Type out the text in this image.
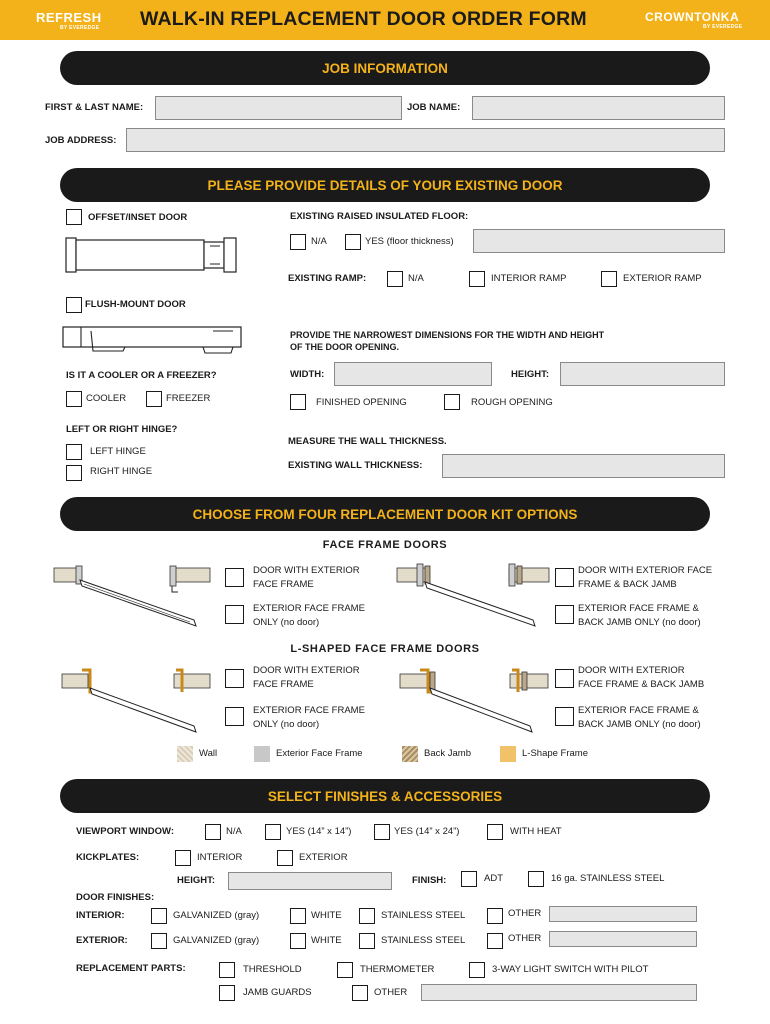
REFRESH
BY EVEREDGE WALK-IN REPLACEMENT DOOR ORDER FORM	CROWNTONKA
BY EVEREDGE
JOB INFORMATION
FIRST & LAST NAME:	JOB NAME:
JOB ADDRESS:
PLEASE PROVIDE DETAILS OF YOUR EXISTING DOOR
OFFSET/INSET DOOR
FLUSH-MOUNT DOOR
EXISTING RAISED INSULATED FLOOR:
N/A	YES (floor thickness)
EXISTING RAMP:	N/A	INTERIOR RAMP	EXTERIOR RAMP
PROVIDE THE NARROWEST DIMENSIONS FOR THE WIDTH AND HEIGHT
OF THE DOOR OPENING.
WIDTH:	HEIGHT:
FINISHED OPENING	ROUGH OPENING
IS IT A COOLER OR A FREEZER?
COOLER	FREEZER
LEFT OR RIGHT HINGE?
LEFT HINGE
RIGHT HINGE
MEASURE THE WALL THICKNESS.
EXISTING WALL THICKNESS:
CHOOSE FROM FOUR REPLACEMENT DOOR KIT OPTIONS
FACE FRAME DOORS
DOOR WITH EXTERIOR
FACE FRAME
EXTERIOR FACE FRAME
ONLY (no door)
DOOR WITH EXTERIOR FACE
FRAME & BACK JAMB
EXTERIOR FACE FRAME &
BACK JAMB ONLY (no door)
L-SHAPED FACE FRAME DOORS
DOOR WITH EXTERIOR
FACE FRAME
EXTERIOR FACE FRAME
ONLY (no door)
DOOR WITH EXTERIOR
FACE FRAME & BACK JAMB
EXTERIOR FACE FRAME &
BACK JAMB ONLY (no door)
Wall	Exterior Face Frame	Back Jamb	L-Shape Frame
SELECT FINISHES & ACCESSORIES
VIEWPORT WINDOW:	N/A	YES (14” x 14”)	YES (14” x 24”)	WITH HEAT
KICKPLATES:	INTERIOR	EXTERIOR
HEIGHT:	FINISH:	ADT	16 ga. STAINLESS STEEL
DOOR FINISHES:
INTERIOR:	GALVANIZED (gray)	WHITE	STAINLESS STEEL	OTHER
EXTERIOR:	GALVANIZED (gray)	WHITE	STAINLESS STEEL	OTHER
REPLACEMENT PARTS:	THRESHOLD	THERMOMETER	3-WAY LIGHT SWITCH WITH PILOT
JAMB GUARDS	OTHER
